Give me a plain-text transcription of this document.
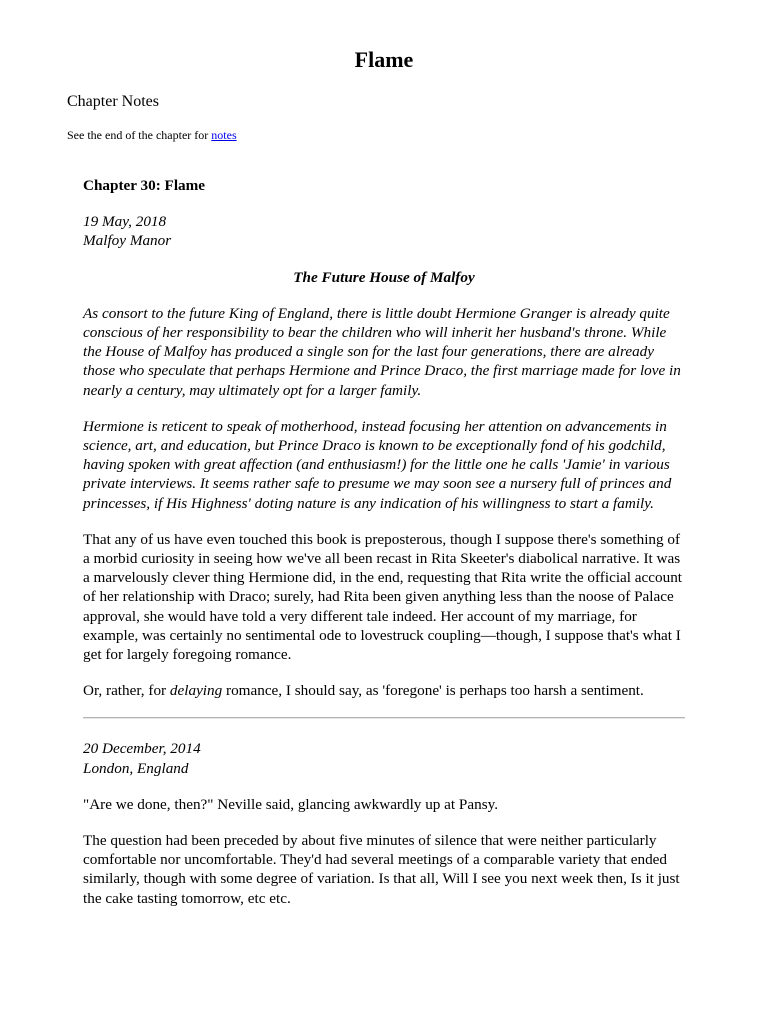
Flame
Chapter Notes

See the end of the chapter for notes

Chapter 30: Flame
19 May, 2018
Malfoy Manor
The Future House of Malfoy

As consort to the future King of England, there is little doubt Hermione Granger is already quite conscious of her responsibility to bear the children who will inherit her husband's throne. While the House of Malfoy has produced a single son for the last four generations, there are already those who speculate that perhaps Hermione and Prince Draco, the first marriage made for love in nearly a century, may ultimately opt for a larger family.

Hermione is reticent to speak of motherhood, instead focusing her attention on advancements in science, art, and education, but Prince Draco is known to be exceptionally fond of his godchild, having spoken with great affection (and enthusiasm!) for the little one he calls 'Jamie' in various private interviews. It seems rather safe to presume we may soon see a nursery full of princes and princesses, if His Highness' doting nature is any indication of his willingness to start a family.

That any of us have even touched this book is preposterous, though I suppose there's something of a morbid curiosity in seeing how we've all been recast in Rita Skeeter's diabolical narrative. It was a marvelously clever thing Hermione did, in the end, requesting that Rita write the official account of her relationship with Draco; surely, had Rita been given anything less than the noose of Palace approval, she would have told a very different tale indeed. Her account of my marriage, for example, was certainly no sentimental ode to lovestruck coupling—though, I suppose that's what I get for largely foregoing romance.

Or, rather, for delaying romance, I should say, as 'foregone' is perhaps too harsh a sentiment.

20 December, 2014
London, England

"Are we done, then?" Neville said, glancing awkwardly up at Pansy.

The question had been preceded by about five minutes of silence that were neither particularly comfortable nor uncomfortable. They'd had several meetings of a comparable variety that ended similarly, though with some degree of variation. Is that all, Will I see you next week then, Is it just the cake tasting tomorrow, etc etc.
